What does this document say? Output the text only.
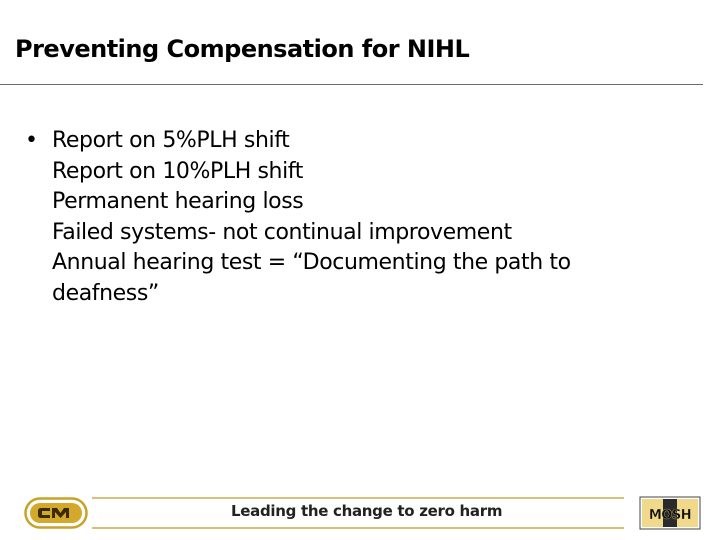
Preventing Compensation for NIHL
• Report on 5%PLH shift
Report on 10%PLH shift
Permanent hearing loss
Failed systems- not continual improvement
Annual hearing test = “Documenting the path to
deafness”
Leading the change to zero harm	MOSH
